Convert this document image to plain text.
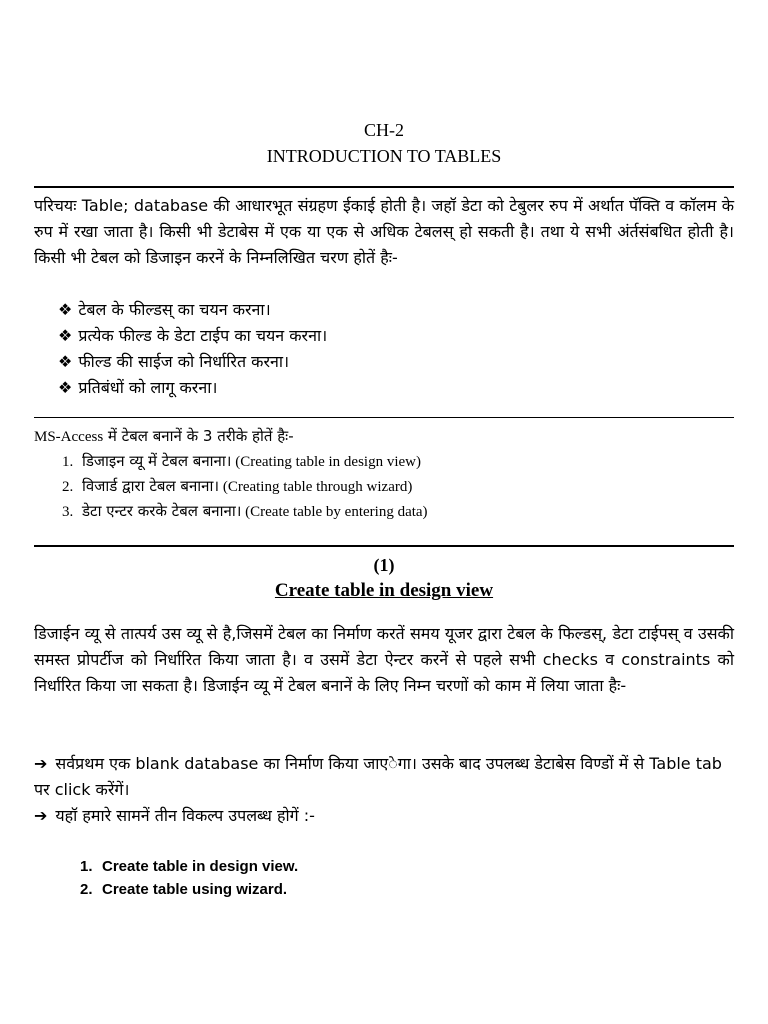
CH-2
INTRODUCTION TO TABLES
परिचयः Table; database की आधारभूत संग्रहण ईकाई होती है। जहॉ डेटा को टेबुलर रुप में अर्थात पॅक्ति व कॉलम के रुप में रखा जाता है। किसी भी डेटाबेस में एक या एक से अधिक टेबलस् हो सकती है। तथा ये सभी अंर्तसंबधित होती है। किसी भी टेबल को डिजाइन करनें के निम्नलिखित चरण होतें हैः-
❖ टेबल के फील्डस् का चयन करना।
❖ प्रत्येक फील्ड के डेटा टाईप का चयन करना।
❖ फील्ड की साईज को निर्धारित करना।
❖ प्रतिबंधों को लागू करना।
MS-Access में टेबल बनानें के 3 तरीके होतें हैः-
1. डिजाइन व्यू में टेबल बनाना। (Creating table in design view)
2. विजार्ड द्वारा टेबल बनाना। (Creating table through wizard)
3. डेटा एन्टर करके टेबल बनाना। (Create table by entering data)
(1)
Create table in design view
डिजाईन व्यू से तात्पर्य उस व्यू से है,जिसमें टेबल का निर्माण करतें समय यूजर द्वारा टेबल के फिल्डस्, डेटा टाईपस् व उसकी समस्त प्रोपर्टीज को निर्धारित किया जाता है। व उसमें डेटा ऐन्टर करनें से पहले सभी checks व constraints को निर्धारित किया जा सकता है। डिजाईन व्यू में टेबल बनानें के लिए निम्न चरणों को काम में लिया जाता हैः-
➔ सर्वप्रथम एक blank database का निर्माण किया जाएेगा। उसके बाद उपलब्ध डेटाबेस विण्डों में से Table tab पर click करेंगें।
➔ यहॉ हमारे सामनें तीन विकल्प उपलब्ध होगें :-
1. Create table in design view.
2. Create table using wizard.
